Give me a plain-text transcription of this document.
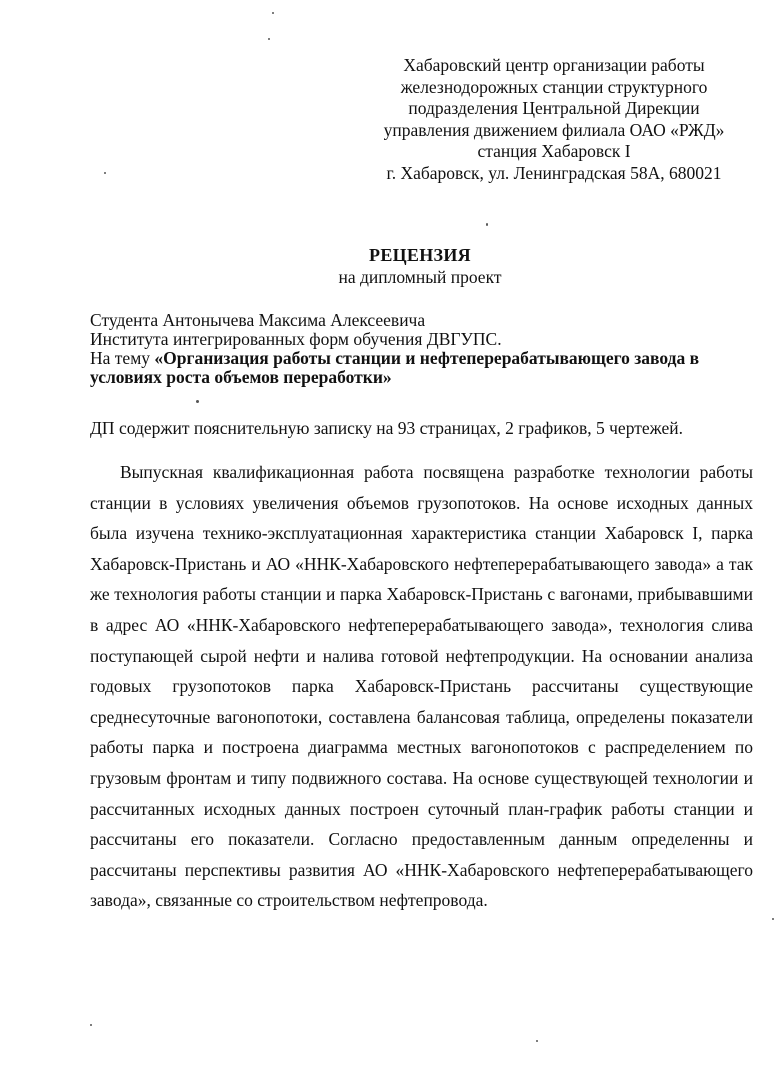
Хабаровский центр организации работы
железнодорожных станции структурного
подразделения Центральной Дирекции
управления движением филиала ОАО «РЖД»
станция Хабаровск I
г. Хабаровск, ул. Ленинградская 58А, 680021
РЕЦЕНЗИЯ
на дипломный проект
Студента Антонычева Максима Алексеевича
Института интегрированных форм обучения ДВГУПС.
На тему «Организация работы станции и нефтеперерабатывающего завода в
условиях роста объемов переработки»
ДП содержит пояснительную записку на 93 страницах, 2 графиков, 5 чертежей.

Выпускная квалификационная работа посвящена разработке технологии работы станции в условиях увеличения объемов грузопотоков. На основе исходных данных была изучена технико-эксплуатационная характеристика станции Хабаровск I, парка Хабаровск-Пристань и АО «ННК-Хабаровского нефтеперерабатывающего завода» а так же технология работы станции и парка Хабаровск-Пристань с вагонами, прибывавшими в адрес АО «ННК-Хабаровского нефтеперерабатывающего завода», технология слива поступающей сырой нефти и налива готовой нефтепродукции. На основании анализа годовых грузопотоков парка Хабаровск-Пристань рассчитаны существующие среднесуточные вагонопотоки, составлена балансовая таблица, определены показатели работы парка и построена диаграмма местных вагонопотоков с распределением по грузовым фронтам и типу подвижного состава. На основе существующей технологии и рассчитанных исходных данных построен суточный план-график работы станции и рассчитаны его показатели. Согласно предоставленным данным определенны и рассчитаны перспективы развития АО «ННК-Хабаровского нефтеперерабатывающего завода», связанные со строительством нефтепровода.
